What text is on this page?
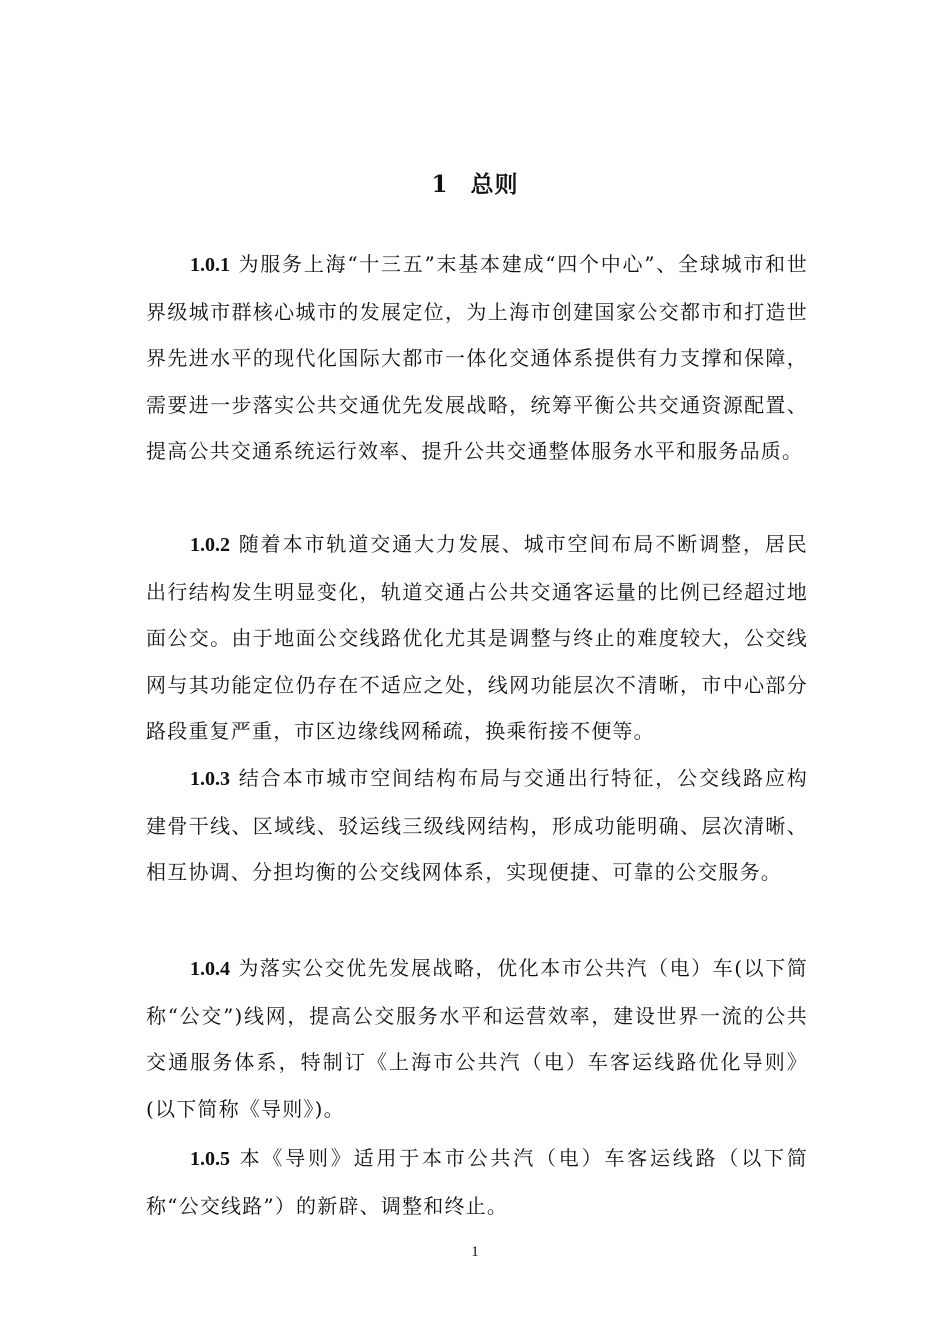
1 总则

1.0.1 为服务上海“十三五”末基本建成“四个中心”、全球城市和世界级城市群核心城市的发展定位，为上海市创建国家公交都市和打造世界先进水平的现代化国际大都市一体化交通体系提供有力支撑和保障，需要进一步落实公共交通优先发展战略，统筹平衡公共交通资源配置、提高公共交通系统运行效率、提升公共交通整体服务水平和服务品质。

1.0.2 随着本市轨道交通大力发展、城市空间布局不断调整，居民出行结构发生明显变化，轨道交通占公共交通客运量的比例已经超过地面公交。由于地面公交线路优化尤其是调整与终止的难度较大，公交线网与其功能定位仍存在不适应之处，线网功能层次不清晰，市中心部分路段重复严重，市区边缘线网稀疏，换乘衔接不便等。

1.0.3 结合本市城市空间结构布局与交通出行特征，公交线路应构建骨干线、区域线、驳运线三级线网结构，形成功能明确、层次清晰、相互协调、分担均衡的公交线网体系，实现便捷、可靠的公交服务。

1.0.4 为落实公交优先发展战略，优化本市公共汽（电）车(以下简称“公交”)线网，提高公交服务水平和运营效率，建设世界一流的公共交通服务体系，特制订《上海市公共汽（电）车客运线路优化导则》(以下简称《导则》)。

1.0.5 本《导则》适用于本市公共汽（电）车客运线路（以下简称“公交线路”）的新辟、调整和终止。

1
